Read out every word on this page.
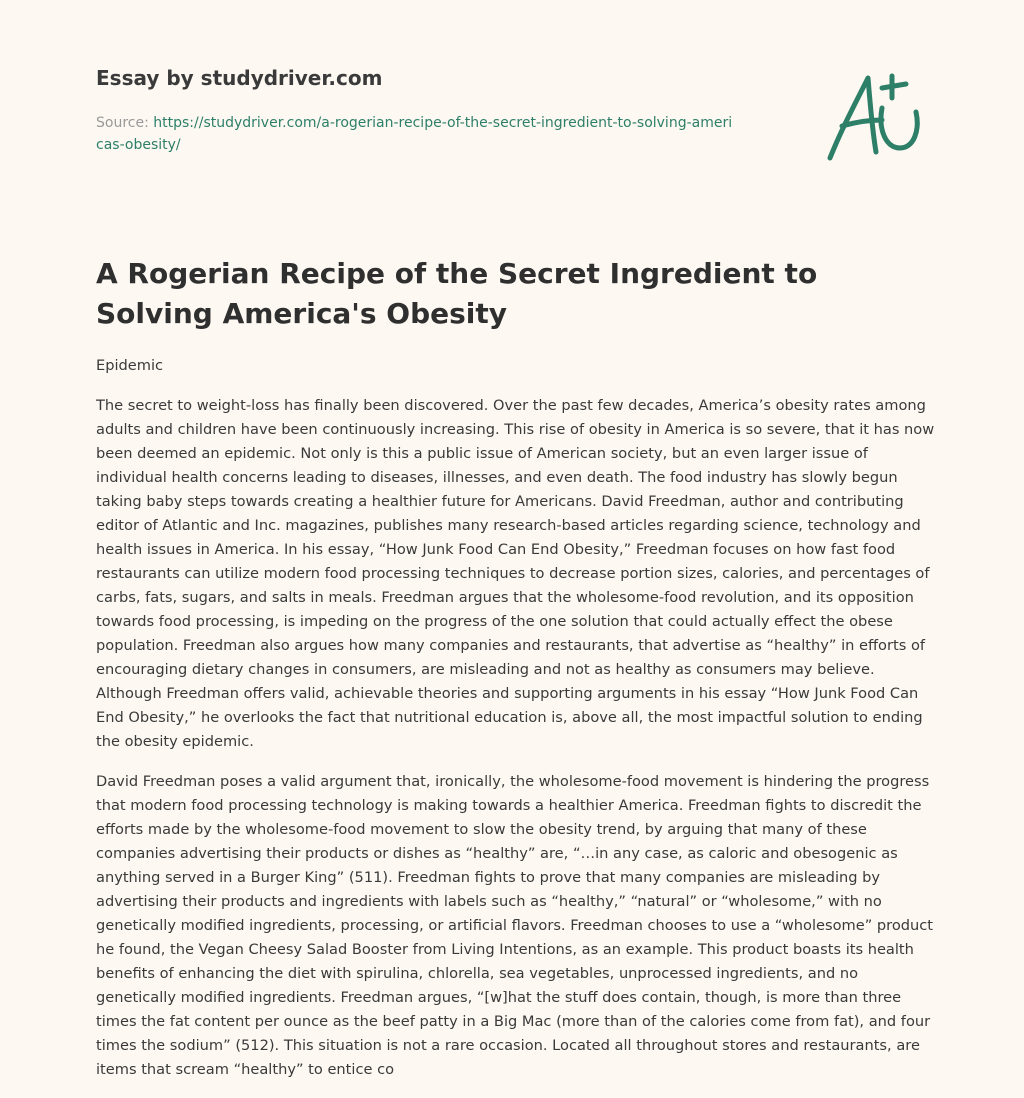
Essay by studydriver.com
Source: https://studydriver.com/a-rogerian-recipe-of-the-secret-ingredient-to-solving-americas-obesity/
A Rogerian Recipe of the Secret Ingredient to Solving America's Obesity

Epidemic

The secret to weight-loss has finally been discovered. Over the past few decades, America’s obesity rates among adults and children have been continuously increasing. This rise of obesity in America is so severe, that it has now been deemed an epidemic. Not only is this a public issue of American society, but an even larger issue of individual health concerns leading to diseases, illnesses, and even death. The food industry has slowly begun taking baby steps towards creating a healthier future for Americans. David Freedman, author and contributing editor of Atlantic and Inc. magazines, publishes many research-based articles regarding science, technology and health issues in America. In his essay, “How Junk Food Can End Obesity,” Freedman focuses on how fast food restaurants can utilize modern food processing techniques to decrease portion sizes, calories, and percentages of carbs, fats, sugars, and salts in meals. Freedman argues that the wholesome-food revolution, and its opposition towards food processing, is impeding on the progress of the one solution that could actually effect the obese population. Freedman also argues how many companies and restaurants, that advertise as “healthy” in efforts of encouraging dietary changes in consumers, are misleading and not as healthy as consumers may believe. Although Freedman offers valid, achievable theories and supporting arguments in his essay “How Junk Food Can End Obesity,” he overlooks the fact that nutritional education is, above all, the most impactful solution to ending the obesity epidemic.

David Freedman poses a valid argument that, ironically, the wholesome-food movement is hindering the progress that modern food processing technology is making towards a healthier America. Freedman fights to discredit the efforts made by the wholesome-food movement to slow the obesity trend, by arguing that many of these companies advertising their products or dishes as “healthy” are, “…in any case, as caloric and obesogenic as anything served in a Burger King” (511). Freedman fights to prove that many companies are misleading by advertising their products and ingredients with labels such as “healthy,” “natural” or “wholesome,” with no genetically modified ingredients, processing, or artificial flavors. Freedman chooses to use a “wholesome” product he found, the Vegan Cheesy Salad Booster from Living Intentions, as an example. This product boasts its health benefits of enhancing the diet with spirulina, chlorella, sea vegetables, unprocessed ingredients, and no genetically modified ingredients. Freedman argues, “[w]hat the stuff does contain, though, is more than three times the fat content per ounce as the beef patty in a Big Mac (more than of the calories come from fat), and four times the sodium” (512). This situation is not a rare occasion. Located all throughout stores and restaurants, are items that scream “healthy” to entice co
